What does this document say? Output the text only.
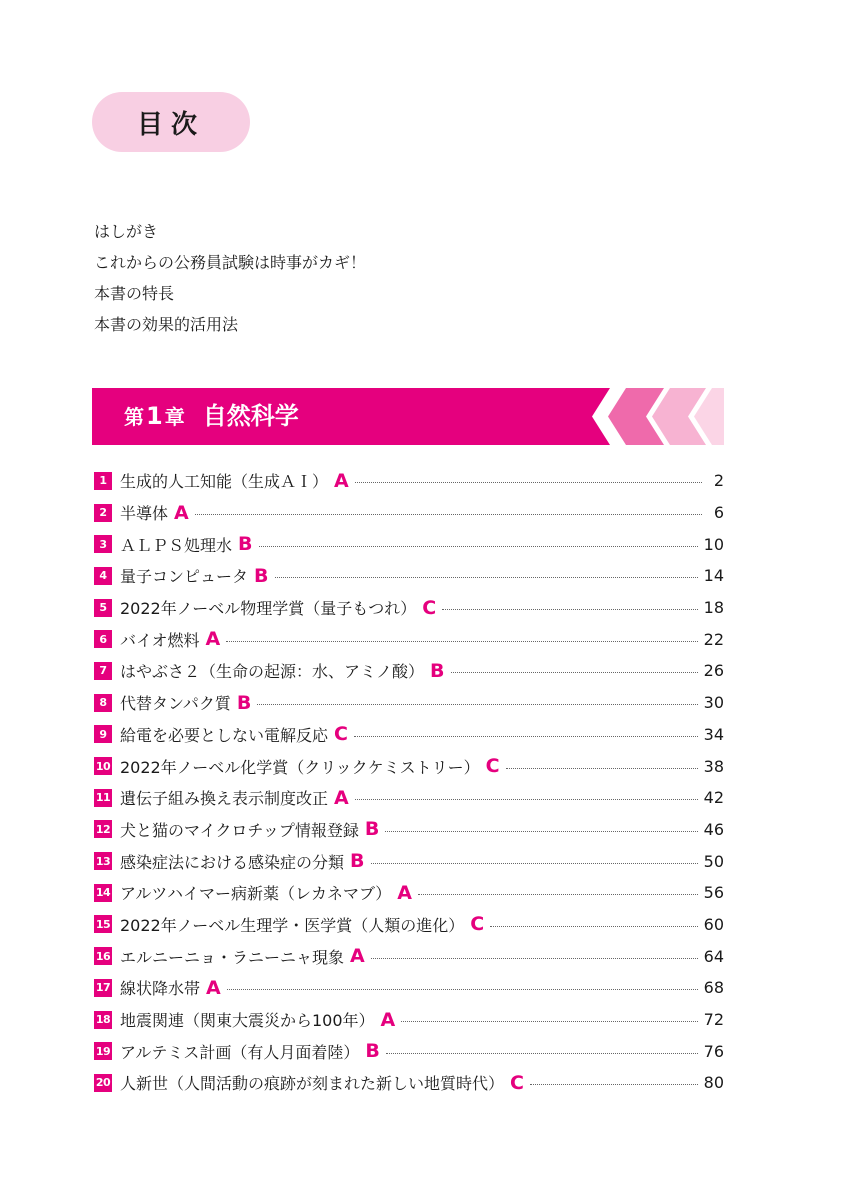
目次
はしがき
これからの公務員試験は時事がカギ！
本書の特長
本書の効果的活用法
第1 章 自然科学
1 生成的人工知能（生成ＡＩ） A	2
2 半導体 A	6
3 ＡＬＰＳ処理水 B	10
4 量子コンピュータ B	14
5 2022年ノーベル物理学賞（量子もつれ） C	18
6 バイオ燃料 A	22
7 はやぶさ２（生命の起源：水、アミノ酸） B	26
8 代替タンパク質 B	30
9 給電を必要としない電解反応 C	34
10 2022年ノーベル化学賞（クリックケミストリー） C	38
11 遺伝子組み換え表示制度改正 A	42
12 犬と猫のマイクロチップ情報登録 B	46
13 感染症法における感染症の分類 B	50
14 アルツハイマー病新薬（レカネマブ） A	56
15 2022年ノーベル生理学・医学賞（人類の進化） C	60
16 エルニーニョ・ラニーニャ現象 A	64
17 線状降水帯 A	68
18 地震関連（関東大震災から100年） A	72
19 アルテミス計画（有人月面着陸） B	76
20 人新世（人間活動の痕跡が刻まれた新しい地質時代） C	80
